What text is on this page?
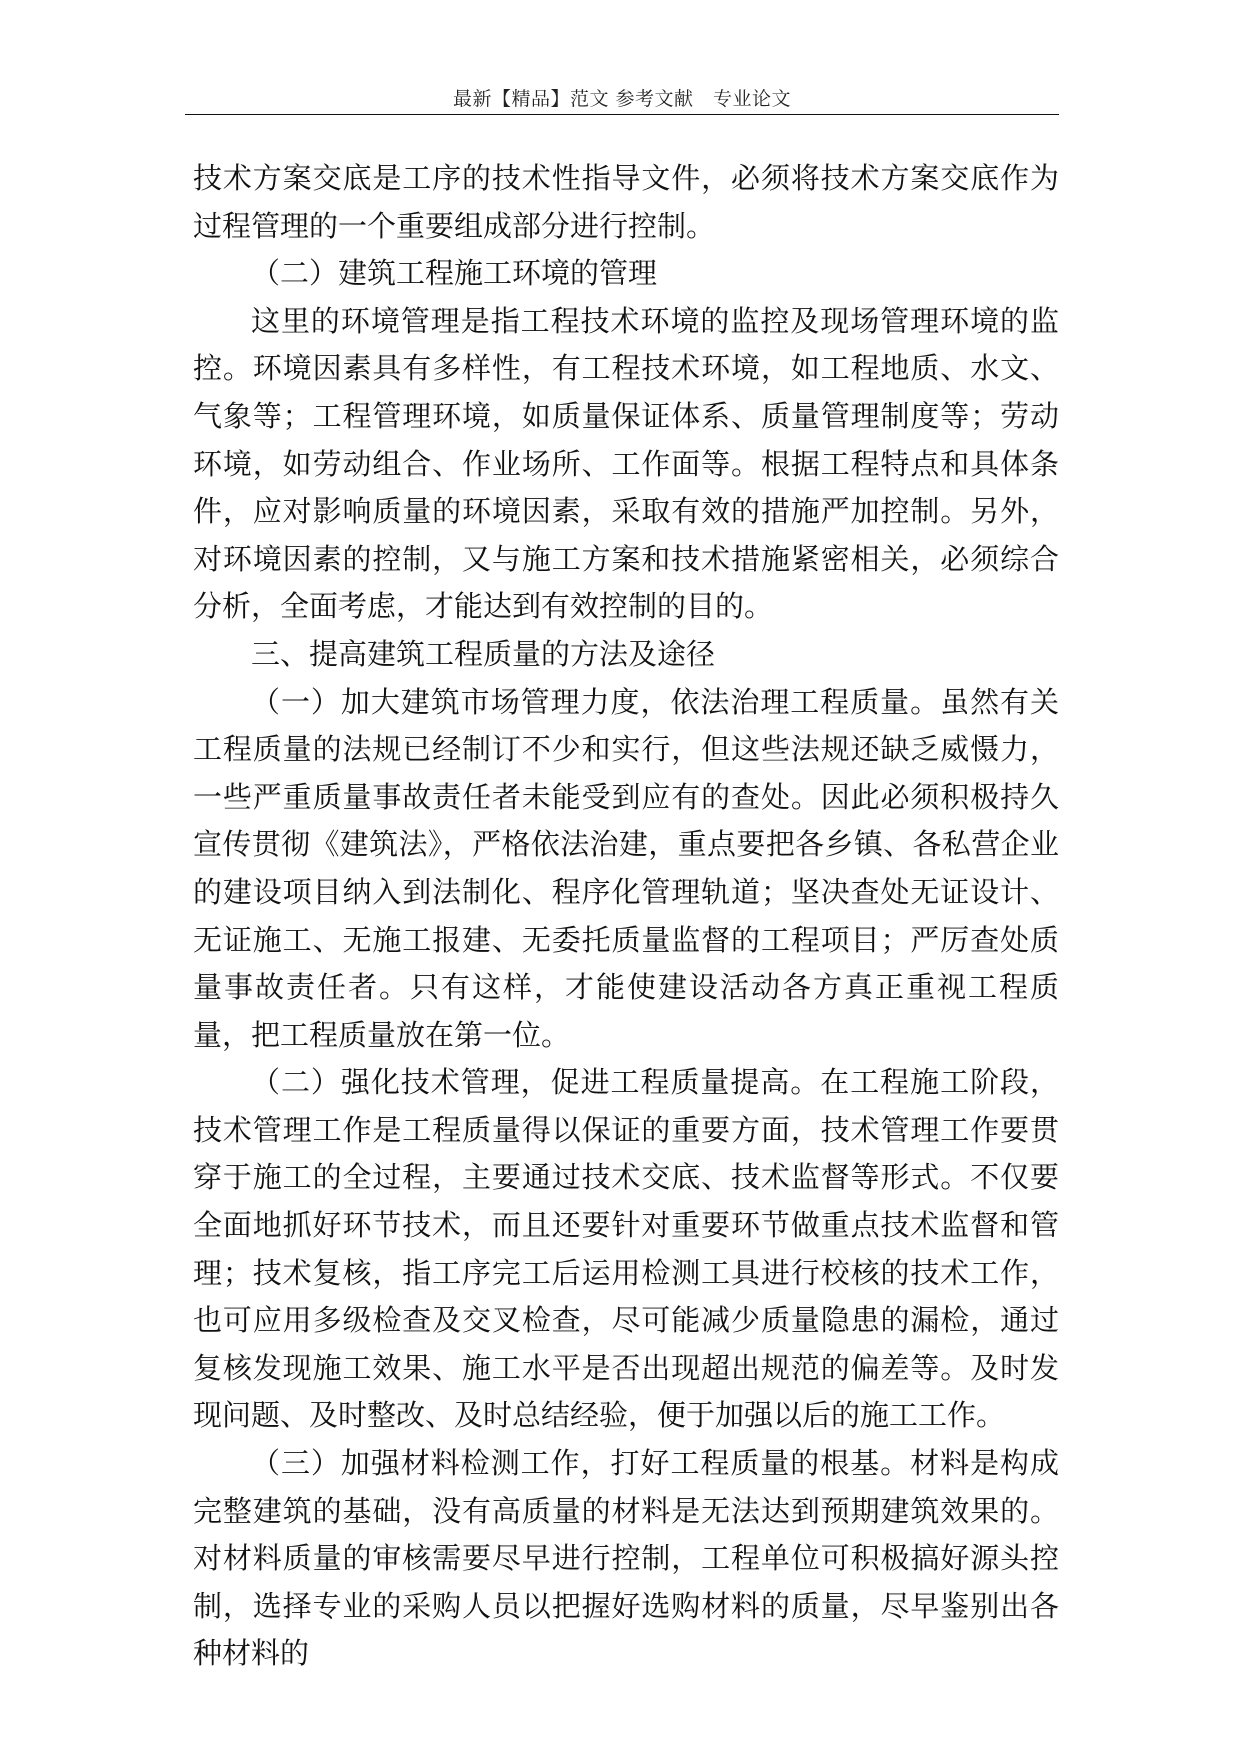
最新【精品】范文 参考文献　专业论文

技术方案交底是工序的技术性指导文件，必须将技术方案交底作为过程管理的一个重要组成部分进行控制。

（二）建筑工程施工环境的管理

这里的环境管理是指工程技术环境的监控及现场管理环境的监控。环境因素具有多样性，有工程技术环境，如工程地质、水文、气象等；工程管理环境，如质量保证体系、质量管理制度等；劳动环境，如劳动组合、作业场所、工作面等。根据工程特点和具体条件，应对影响质量的环境因素，采取有效的措施严加控制。另外，对环境因素的控制，又与施工方案和技术措施紧密相关，必须综合分析，全面考虑，才能达到有效控制的目的。

三、提高建筑工程质量的方法及途径

（一）加大建筑市场管理力度，依法治理工程质量。虽然有关工程质量的法规已经制订不少和实行，但这些法规还缺乏威慑力，一些严重质量事故责任者未能受到应有的查处。因此必须积极持久宣传贯彻《建筑法》，严格依法治建，重点要把各乡镇、各私营企业的建设项目纳入到法制化、程序化管理轨道；坚决查处无证设计、无证施工、无施工报建、无委托质量监督的工程项目；严厉查处质量事故责任者。只有这样，才能使建设活动各方真正重视工程质量，把工程质量放在第一位。

（二）强化技术管理，促进工程质量提高。在工程施工阶段，技术管理工作是工程质量得以保证的重要方面，技术管理工作要贯穿于施工的全过程，主要通过技术交底、技术监督等形式。不仅要全面地抓好环节技术，而且还要针对重要环节做重点技术监督和管理；技术复核，指工序完工后运用检测工具进行校核的技术工作，也可应用多级检查及交叉检查，尽可能减少质量隐患的漏检，通过复核发现施工效果、施工水平是否出现超出规范的偏差等。及时发现问题、及时整改、及时总结经验，便于加强以后的施工工作。

（三）加强材料检测工作，打好工程质量的根基。材料是构成完整建筑的基础，没有高质量的材料是无法达到预期建筑效果的。对材料质量的审核需要尽早进行控制，工程单位可积极搞好源头控制，选择专业的采购人员以把握好选购材料的质量，尽早鉴别出各种材料的
